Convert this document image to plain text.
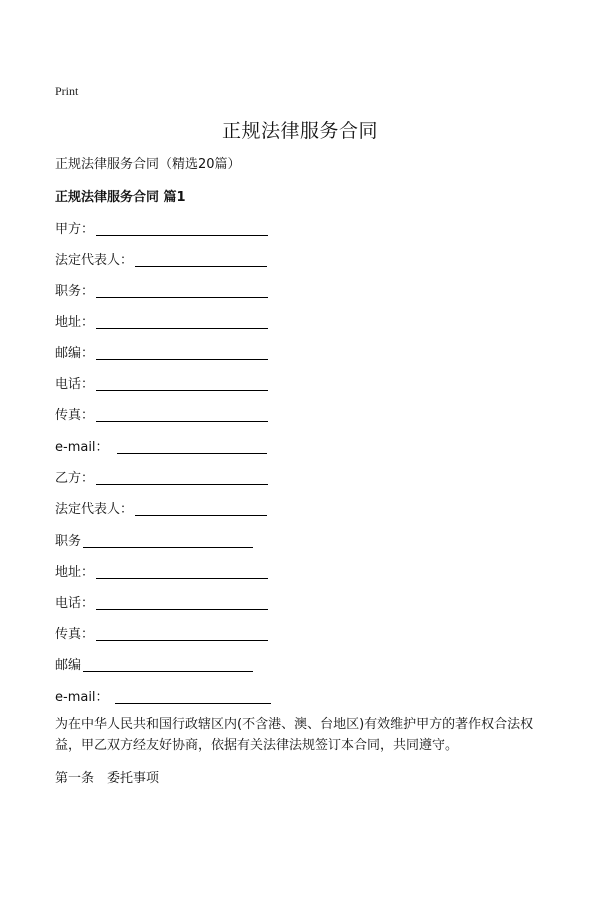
Print
正规法律服务合同
正规法律服务合同（精选20篇）
正规法律服务合同 篇1
甲方：
法定代表人：
职务：
地址：
邮编：
电话：
传真：
e-mail：
乙方：
法定代表人：
职务
地址：
电话：
传真：
邮编
e-mail：
为在中华人民共和国行政辖区内(不含港、澳、台地区)有效维护甲方的著作权合法权益，甲乙双方经友好协商，依据有关法律法规签订本合同，共同遵守。
第一条　委托事项
